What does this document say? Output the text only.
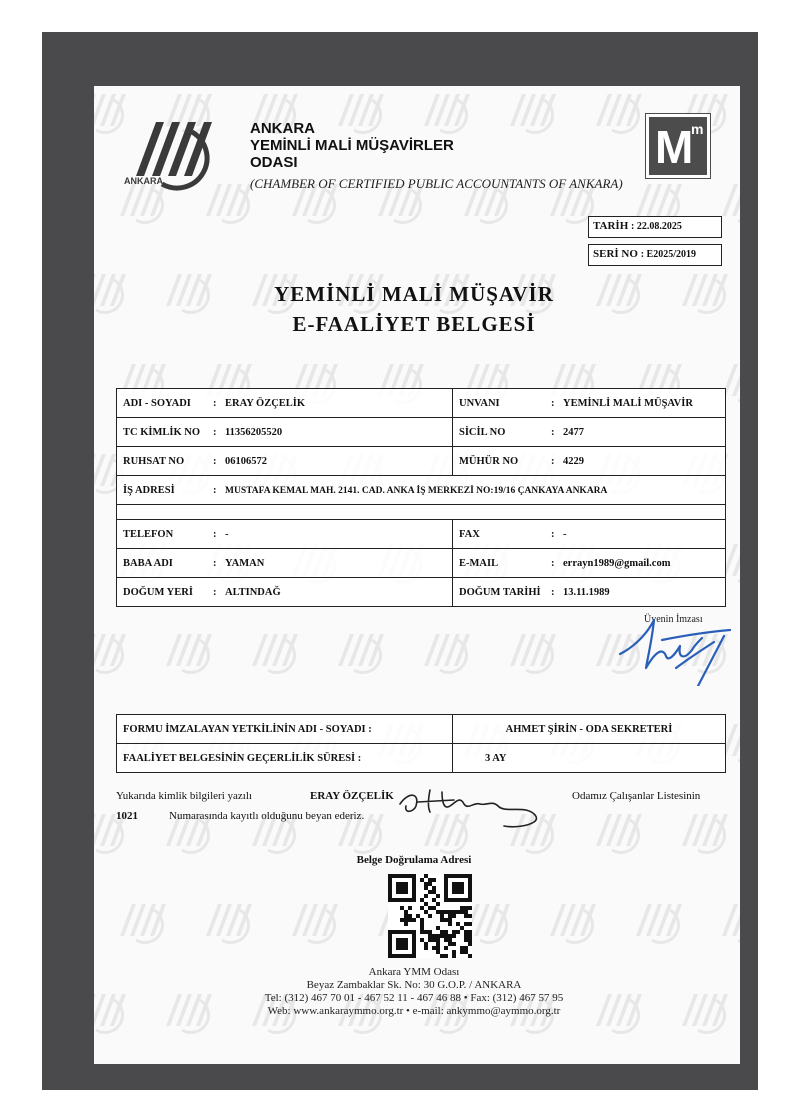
ANKARA
ANKARA
YEMİNLİ MALİ MÜŞAVİRLER
ODASI
(CHAMBER OF CERTIFIED PUBLIC ACCOUNTANTS OF ANKARA)
M
m
TARİH : 22.08.2025
SERİ NO : E2025/2019
YEMİNLİ MALİ MÜŞAVİR
E-FAALİYET BELGESİ
ADI - SOYADI : ERAY ÖZÇELİK	UNVANI : YEMİNLİ MALİ MÜŞAVİR
TC KİMLİK NO : 11356205520	SİCİL NO : 2477
RUHSAT NO : 06106572	MÜHÜR NO : 4229
İŞ ADRESİ : MUSTAFA KEMAL MAH. 2141. CAD. ANKA İŞ MERKEZİ NO:19/16 ÇANKAYA ANKARA	

TELEFON : -	FAX : -
BABA ADI : YAMAN	E-MAIL : errayn1989@gmail.com
DOĞUM YERİ : ALTINDAĞ	DOĞUM TARİHİ : 13.11.1989
Üyenin İmzası
FORMU İMZALAYAN YETKİLİNİN ADI - SOYADI :	AHMET ŞİRİN - ODA SEKRETERİ
FAALİYET BELGESİNİN GEÇERLİLİK SÜRESİ :	3 AY
Yukarıda kimlik bilgileri yazılı	ERAY ÖZÇELİK	Odamız Çalışanlar Listesinin
1021	Numarasında kayıtlı olduğunu beyan ederiz.
Belge Doğrulama Adresi
Ankara YMM Odası
Beyaz Zambaklar Sk. No: 30 G.O.P. / ANKARA
Tel: (312) 467 70 01 - 467 52 11 - 467 46 88 • Fax: (312) 467 57 95
Web: www.ankaraymmo.org.tr • e-mail: ankymmo@aymmo.org.tr
